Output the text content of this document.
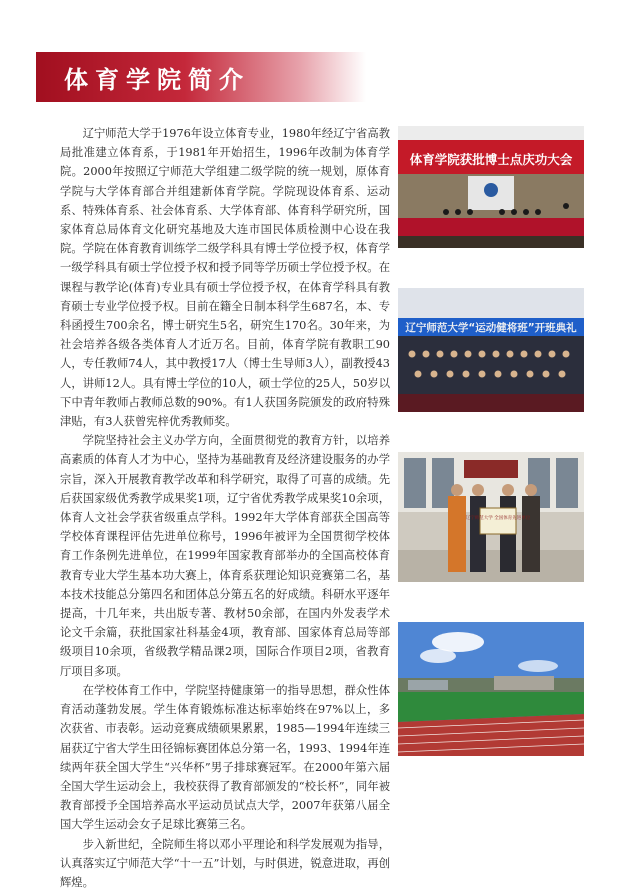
体育学院简介

辽宁师范大学于1976年设立体育专业，1980年经辽宁省高教局批准建立体育系，于1981年开始招生，1996年改制为体育学院。2000年按照辽宁师范大学组建二级学院的统一规划，原体育学院与大学体育部合并组建新体育学院。学院现设体育系、运动系、特殊体育系、社会体育系、大学体育部、体育科学研究所，国家体育总局体育文化研究基地及大连市国民体质检测中心设在我院。学院在体育教育训练学二级学科具有博士学位授予权，体育学一级学科具有硕士学位授予权和授予同等学历硕士学位授予权。在课程与教学论(体育)专业具有硕士学位授予权，在体育学科具有教育硕士专业学位授予权。目前在籍全日制本科学生687名，本、专科函授生700余名，博士研究生5名，研究生170名。30年来，为社会培养各级各类体育人才近万名。目前，体育学院有教职工90人，专任教师74人，其中教授17人（博士生导师3人），副教授43人，讲师12人。具有博士学位的10人，硕士学位的25人，50岁以下中青年教师占教师总数的90%。有1人获国务院颁发的政府特殊津贴，有3人获曾宪梓优秀教师奖。

学院坚持社会主义办学方向，全面贯彻党的教育方针，以培养高素质的体育人才为中心，坚持为基础教育及经济建设服务的办学宗旨，深入开展教育教学改革和科学研究，取得了可喜的成绩。先后获国家级优秀教学成果奖1项，辽宁省优秀教学成果奖10余项，体育人文社会学获省级重点学科。1992年大学体育部获全国高等学校体育课程评估先进单位称号，1996年被评为全国贯彻学校体育工作条例先进单位，在1999年国家教育部举办的全国高校体育教育专业大学生基本功大赛上，体育系获理论知识竞赛第二名，基本技术技能总分第四名和团体总分第五名的好成绩。科研水平逐年提高，十几年来，共出版专著、教材50余部，在国内外发表学术论文千余篇，获批国家社科基金4项，教育部、国家体育总局等部级项目10余项，省级教学精品课2项，国际合作项目2项，省教育厅项目多项。

在学校体育工作中，学院坚持健康第一的指导思想，群众性体育活动蓬勃发展。学生体育锻炼标准达标率始终在97%以上，多次获省、市表彰。运动竞赛成绩硕果累累，1985—1994年连续三届获辽宁省大学生田径锦标赛团体总分第一名，1993、1994年连续两年获全国大学生“兴华杯”男子排球赛冠军。在2000年第六届全国大学生运动会上，我校获得了教育部颁发的“校长杯”，同年被教育部授予全国培养高水平运动员试点大学，2007年获第八届全国大学生运动会女子足球比赛第三名。

步入新世纪，全院师生将以邓小平理论和科学发展观为指导，认真落实辽宁师范大学“十一五”计划，与时俱进，锐意进取，再创辉煌。

体育学院获批博士点庆功大会
辽宁师范大学“运动健将班”开班典礼
辽宁师范大学 全国体育先进单位
